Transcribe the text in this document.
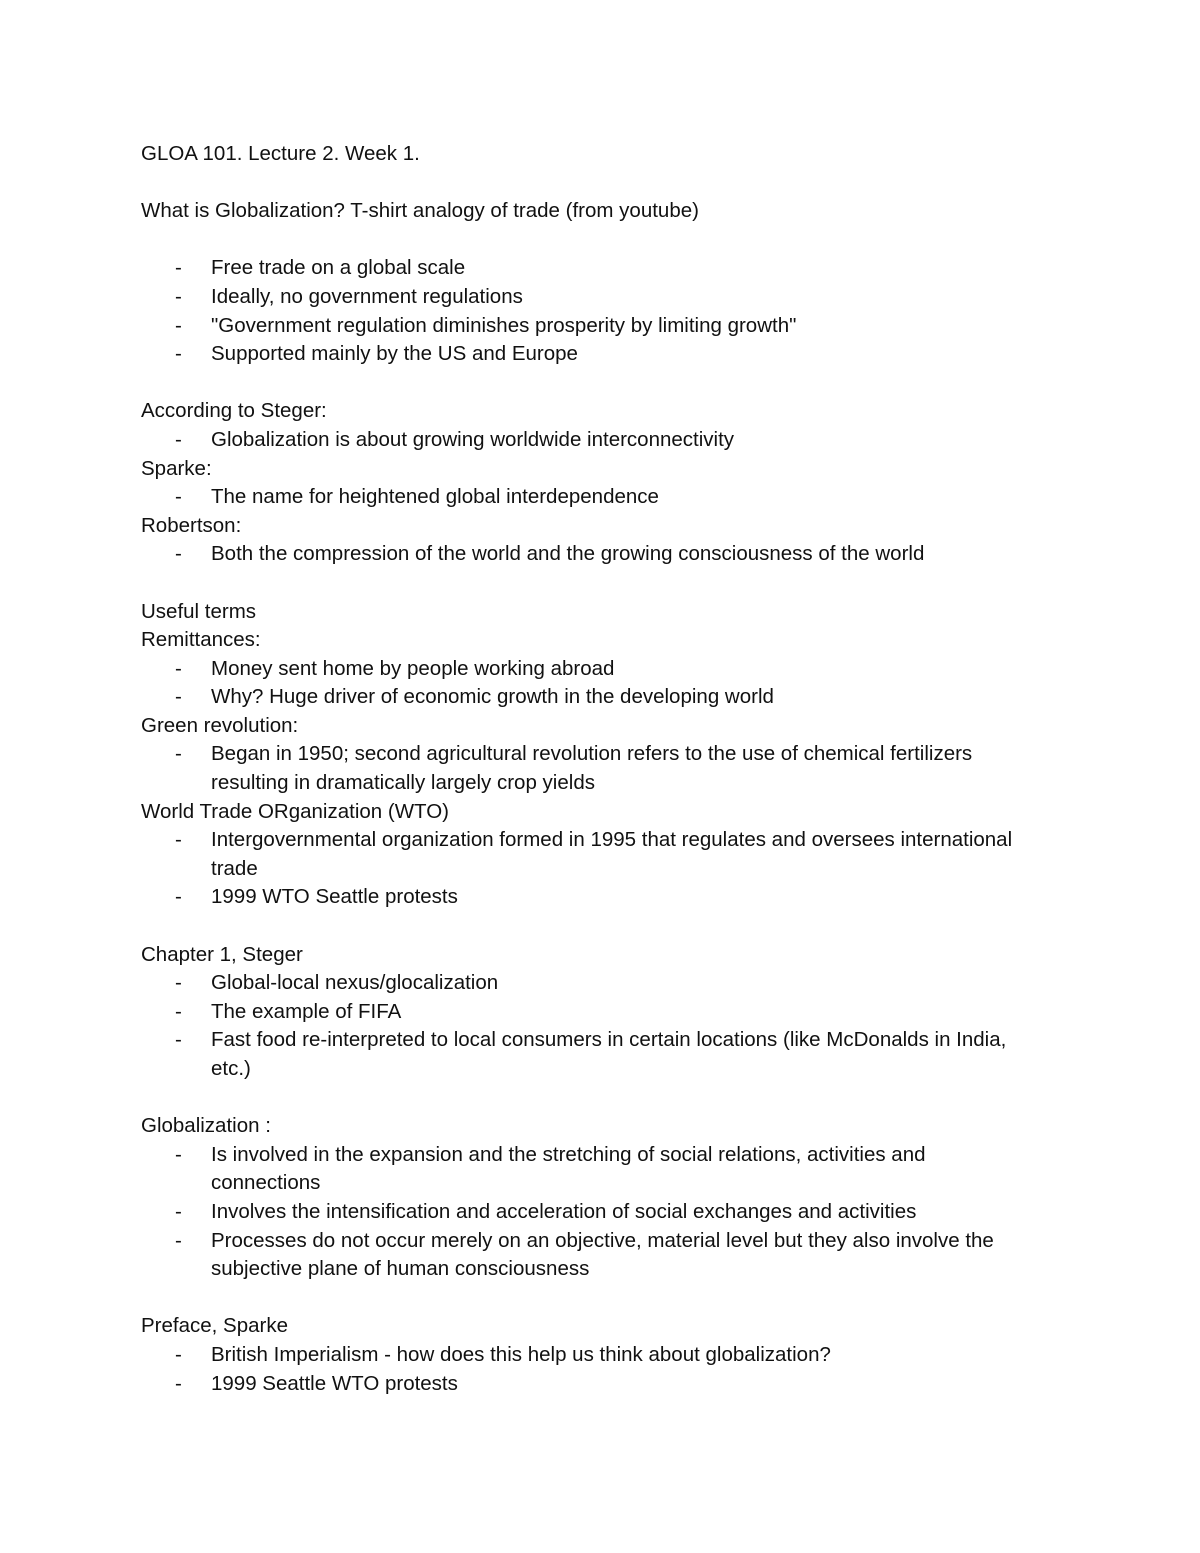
GLOA 101. Lecture 2. Week 1.
What is Globalization? T-shirt analogy of trade (from youtube)
- Free trade on a global scale
- Ideally, no government regulations
- "Government regulation diminishes prosperity by limiting growth"
- Supported mainly by the US and Europe
According to Steger:
- Globalization is about growing worldwide interconnectivity
Sparke:
- The name for heightened global interdependence
Robertson:
- Both the compression of the world and the growing consciousness of the world
Useful terms
Remittances:
- Money sent home by people working abroad
- Why? Huge driver of economic growth in the developing world
Green revolution:
- Began in 1950; second agricultural revolution refers to the use of chemical fertilizers
resulting in dramatically largely crop yields
World Trade ORganization (WTO)
- Intergovernmental organization formed in 1995 that regulates and oversees international
trade
- 1999 WTO Seattle protests
Chapter 1, Steger
- Global-local nexus/glocalization
- The example of FIFA
- Fast food re-interpreted to local consumers in certain locations (like McDonalds in India,
etc.)
Globalization :
- Is involved in the expansion and the stretching of social relations, activities and
connections
- Involves the intensification and acceleration of social exchanges and activities
- Processes do not occur merely on an objective, material level but they also involve the
subjective plane of human consciousness
Preface, Sparke
- British Imperialism - how does this help us think about globalization?
- 1999 Seattle WTO protests
